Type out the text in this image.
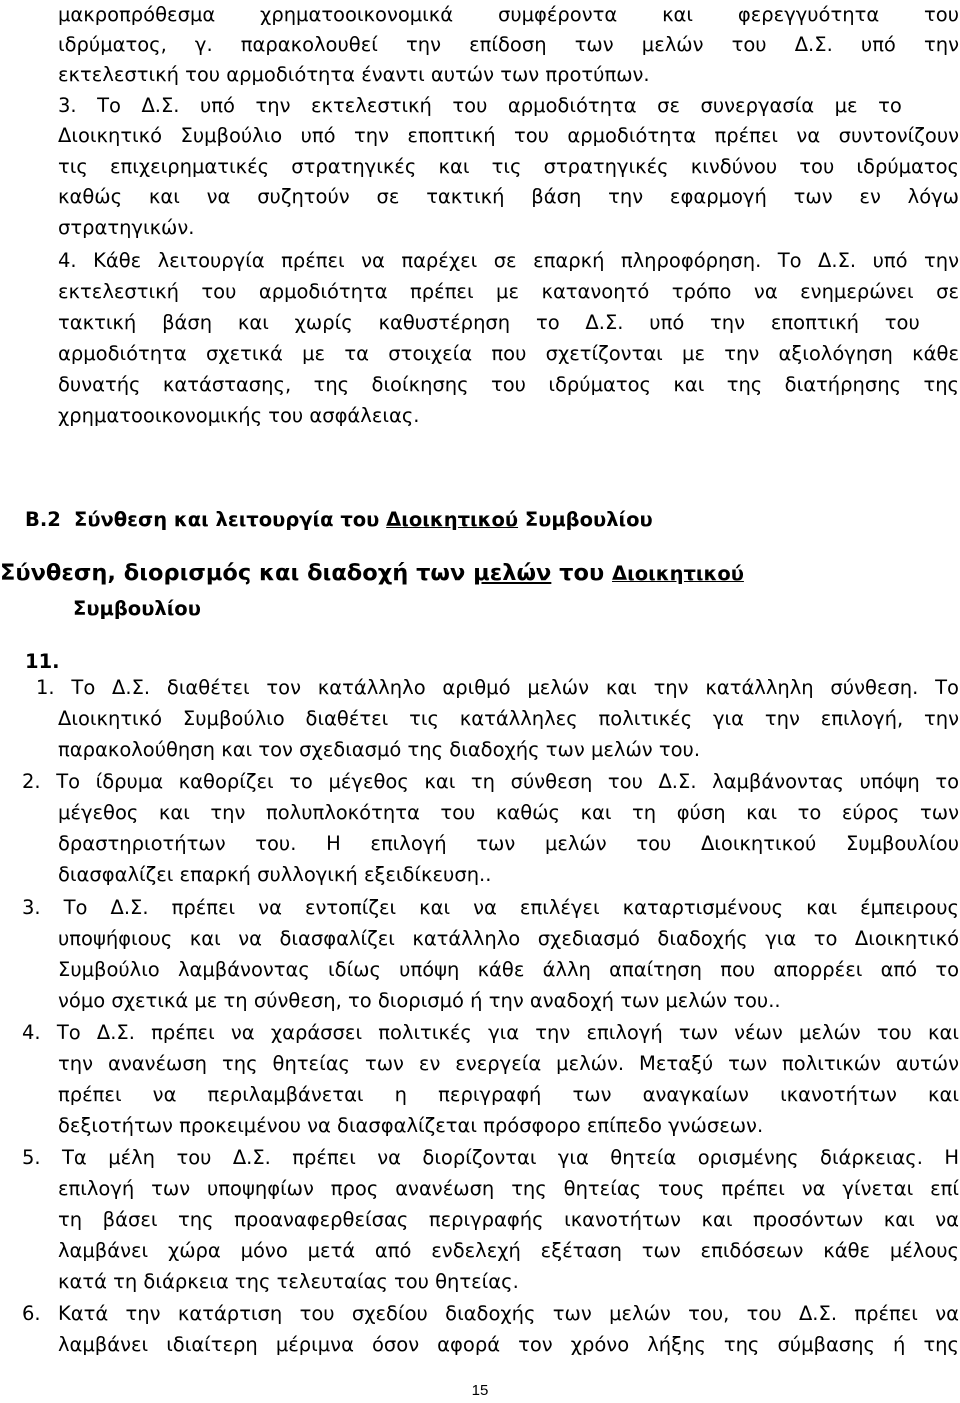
μακροπρόθεσμα χρηματοοικονομικά συμφέροντα και φερεγγυότητα του
ιδρύματος, γ. παρακολουθεί την επίδοση των μελών του Δ.Σ. υπό την
εκτελεστική του αρμοδιότητα έναντι αυτών των προτύπων.
3. Το Δ.Σ. υπό την εκτελεστική του αρμοδιότητα σε συνεργασία με το
Διοικητικό Συμβούλιο υπό την εποπτική του αρμοδιότητα πρέπει να συντονίζουν
τις επιχειρηματικές στρατηγικές και τις στρατηγικές κινδύνου του ιδρύματος
καθώς και να συζητούν σε τακτική βάση την εφαρμογή των εν λόγω
στρατηγικών.
4. Κάθε λειτουργία πρέπει να παρέχει σε επαρκή πληροφόρηση. Το Δ.Σ. υπό την
εκτελεστική του αρμοδιότητα πρέπει με κατανοητό τρόπο να ενημερώνει σε
τακτική βάση και χωρίς καθυστέρηση το Δ.Σ. υπό την εποπτική του
αρμοδιότητα σχετικά με τα στοιχεία που σχετίζονται με την αξιολόγηση κάθε
δυνατής κατάστασης, της διοίκησης του ιδρύματος και της διατήρησης της
χρηματοοικονομικής του ασφάλειας.
1. Το Δ.Σ. διαθέτει τον κατάλληλο αριθμό μελών και την κατάλληλη σύνθεση. Το
Διοικητικό Συμβούλιο διαθέτει τις κατάλληλες πολιτικές για την επιλογή, την
παρακολούθηση και τον σχεδιασμό της διαδοχής των μελών του.
2. Το ίδρυμα καθορίζει το μέγεθος και τη σύνθεση του Δ.Σ. λαμβάνοντας υπόψη το
μέγεθος και την πολυπλοκότητα του καθώς και τη φύση και το εύρος των
δραστηριοτήτων του. Η επιλογή των μελών του Διοικητικού Συμβουλίου
διασφαλίζει επαρκή συλλογική εξειδίκευση..
3. Το Δ.Σ. πρέπει να εντοπίζει και να επιλέγει καταρτισμένους και έμπειρους
υποψήφιους και να διασφαλίζει κατάλληλο σχεδιασμό διαδοχής για το Διοικητικό
Συμβούλιο λαμβάνοντας ιδίως υπόψη κάθε άλλη απαίτηση που απορρέει από το
νόμο σχετικά με τη σύνθεση, το διορισμό ή την αναδοχή των μελών του..
4. Το Δ.Σ. πρέπει να χαράσσει πολιτικές για την επιλογή των νέων μελών του και
την ανανέωση της θητείας των εν ενεργεία μελών. Μεταξύ των πολιτικών αυτών
πρέπει να περιλαμβάνεται η περιγραφή των αναγκαίων ικανοτήτων και
δεξιοτήτων προκειμένου να διασφαλίζεται πρόσφορο επίπεδο γνώσεων.
5. Τα μέλη του Δ.Σ. πρέπει να διορίζονται για θητεία ορισμένης διάρκειας. Η
επιλογή των υποψηφίων προς ανανέωση της θητείας τους πρέπει να γίνεται επί
τη βάσει της προαναφερθείσας περιγραφής ικανοτήτων και προσόντων και να
λαμβάνει χώρα μόνο μετά από ενδελεχή εξέταση των επιδόσεων κάθε μέλους
κατά τη διάρκεια της τελευταίας του θητείας.
6. Κατά την κατάρτιση του σχεδίου διαδοχής των μελών του, του Δ.Σ. πρέπει να
λαμβάνει ιδιαίτερη μέριμνα όσον αφορά τον χρόνο λήξης της σύμβασης ή της
Β.2 Σύνθεση και λειτουργία του Διοικητικού Συμβουλίου
Σύνθεση, διορισμός και διαδοχή των μελών του Διοικητικού
Συμβουλίου
11.
15
